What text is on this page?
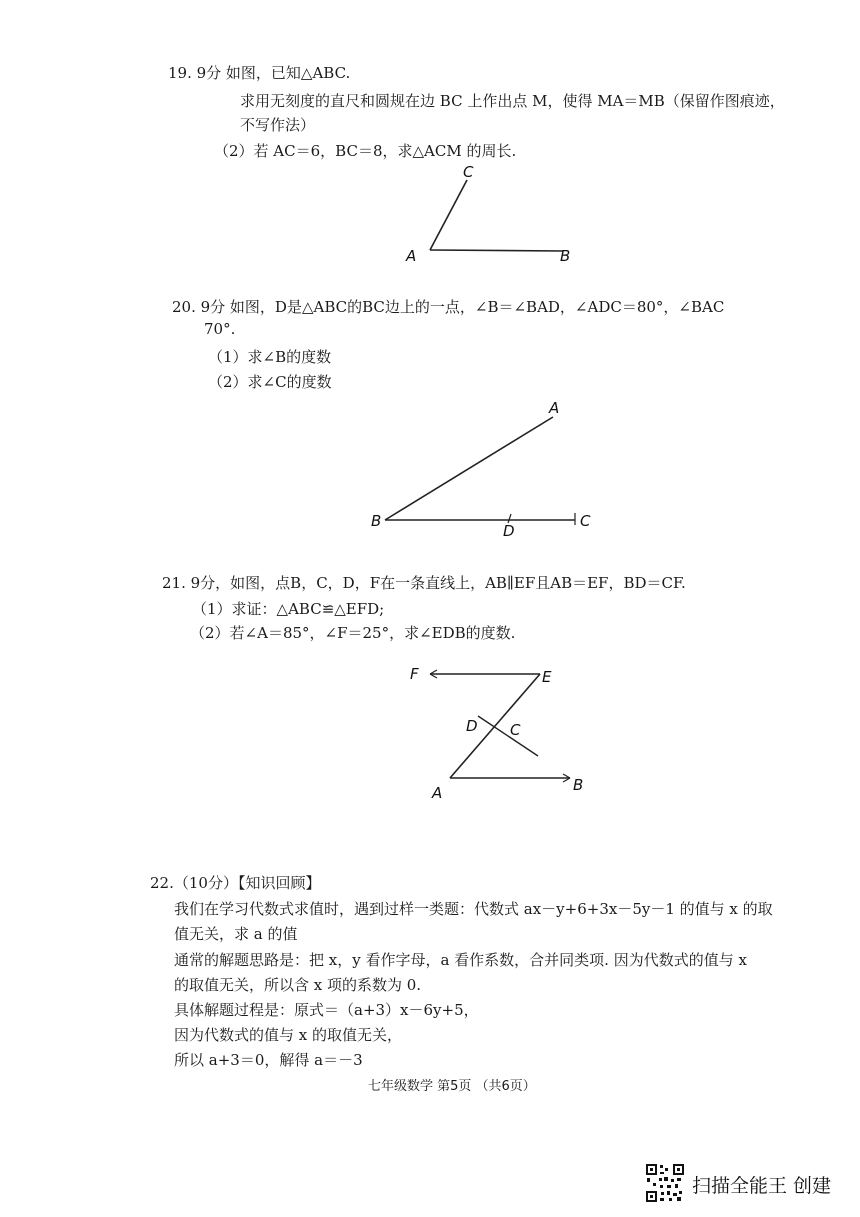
19. 9分 如图，已知△ABC.
求用无刻度的直尺和圆规在边 BC 上作出点 M，使得 MA＝MB（保留作图痕迹，
不写作法）
（2）若 AC＝6，BC＝8，求△ACM 的周长.
C
A	B
20. 9分 如图，D是△ABC的BC边上的一点，∠B＝∠BAD，∠ADC＝80°，∠BAC
70°.
（1）求∠B的度数
（2）求∠C的度数
A
B	C
D
21. 9分，如图，点B，C，D，F在一条直线上，AB∥EF且AB＝EF，BD＝CF.
（1）求证：△ABC≌△EFD;
（2）若∠A＝85°，∠F＝25°，求∠EDB的度数.
F	E
D C
A	B
22.（10分）【知识回顾】
我们在学习代数式求值时，遇到过样一类题：代数式 ax－y+6+3x－5y－1 的值与 x 的取
值无关，求 a 的值
通常的解题思路是：把 x，y 看作字母，a 看作系数，合并同类项. 因为代数式的值与 x
的取值无关，所以含 x 项的系数为 0.
具体解题过程是：原式＝（a+3）x－6y+5，
因为代数式的值与 x 的取值无关，
所以 a+3＝0，解得 a＝－3
七年级数学 第5页 （共6页）
扫描全能王 创建
